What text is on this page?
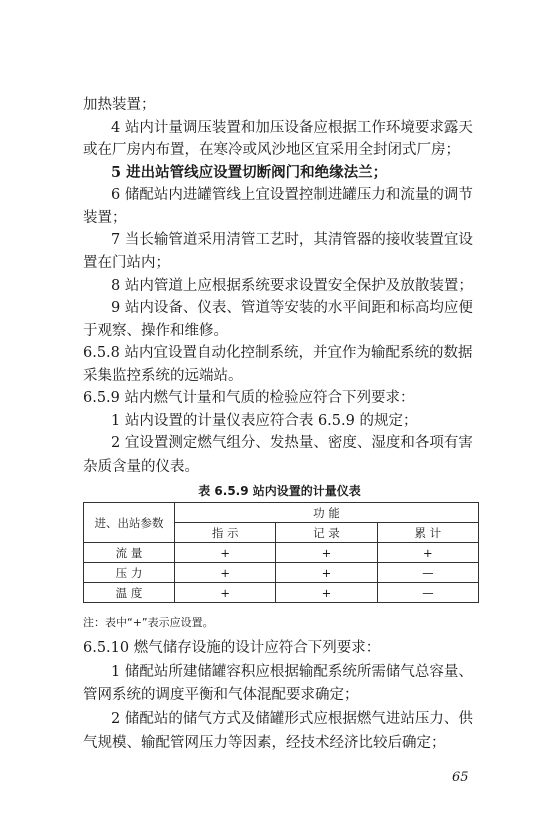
加热装置；
4 站内计量调压装置和加压设备应根据工作环境要求露天
或在厂房内布置，在寒冷或风沙地区宜采用全封闭式厂房；
5 进出站管线应设置切断阀门和绝缘法兰；
6 储配站内进罐管线上宜设置控制进罐压力和流量的调节
装置；
7 当长输管道采用清管工艺时，其清管器的接收装置宜设
置在门站内；
8 站内管道上应根据系统要求设置安全保护及放散装置；
9 站内设备、仪表、管道等安装的水平间距和标高均应便
于观察、操作和维修。
6.5.8 站内宜设置自动化控制系统，并宜作为输配系统的数据
采集监控系统的远端站。
6.5.9 站内燃气计量和气质的检验应符合下列要求：
1 站内设置的计量仪表应符合表 6.5.9 的规定；
2 宜设置测定燃气组分、发热量、密度、湿度和各项有害
杂质含量的仪表。
表 6.5.9 站内设置的计量仪表
进、出站参数	功 能		
	指 示	记 录	累 计
流 量	+	+	+
压 力	+	+	—
温 度	+	+	—
注：表中“+”表示应设置。
6.5.10 燃气储存设施的设计应符合下列要求：
1 储配站所建储罐容积应根据输配系统所需储气总容量、
管网系统的调度平衡和气体混配要求确定；
2 储配站的储气方式及储罐形式应根据燃气进站压力、供
气规模、输配管网压力等因素，经技术经济比较后确定；
65
